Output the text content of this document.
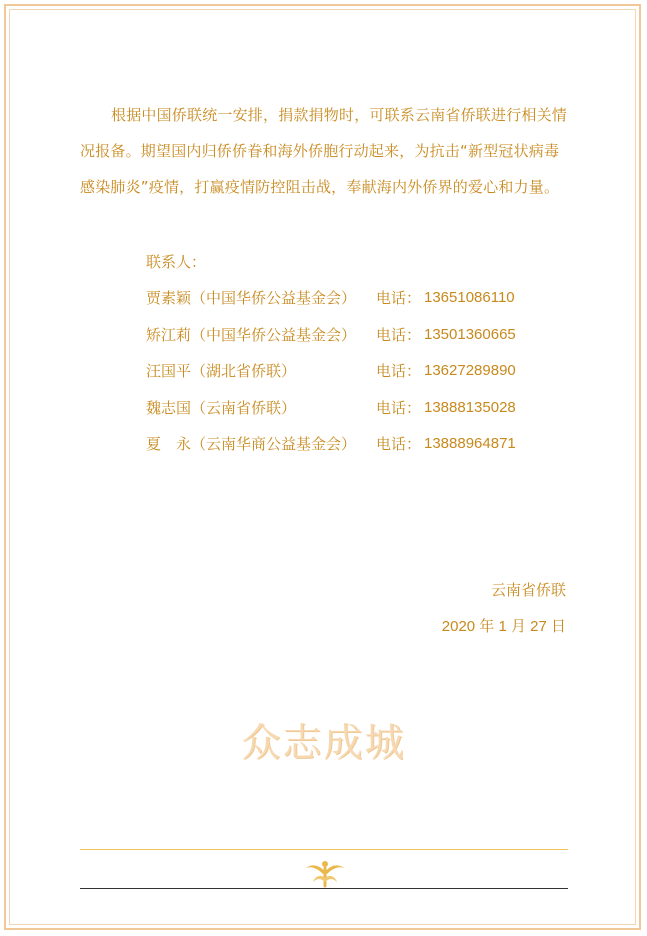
根据中国侨联统一安排，捐款捐物时，可联系云南省侨联进行相关情况报备。期望国内归侨侨眷和海外侨胞行动起来，为抗击“新型冠状病毒感染肺炎”疫情，打赢疫情防控阻击战，奉献海内外侨界的爱心和力量。

联系人：
贾素颖（中国华侨公益基金会） 电话： 13651086110
矫江莉（中国华侨公益基金会） 电话： 13501360665
汪国平（湖北省侨联）	电话： 13627289890
魏志国（云南省侨联）	电话： 13888135028
夏　永（云南华商公益基金会） 电话： 13888964871
云南省侨联
2020 年 1 月 27 日
众志成城
